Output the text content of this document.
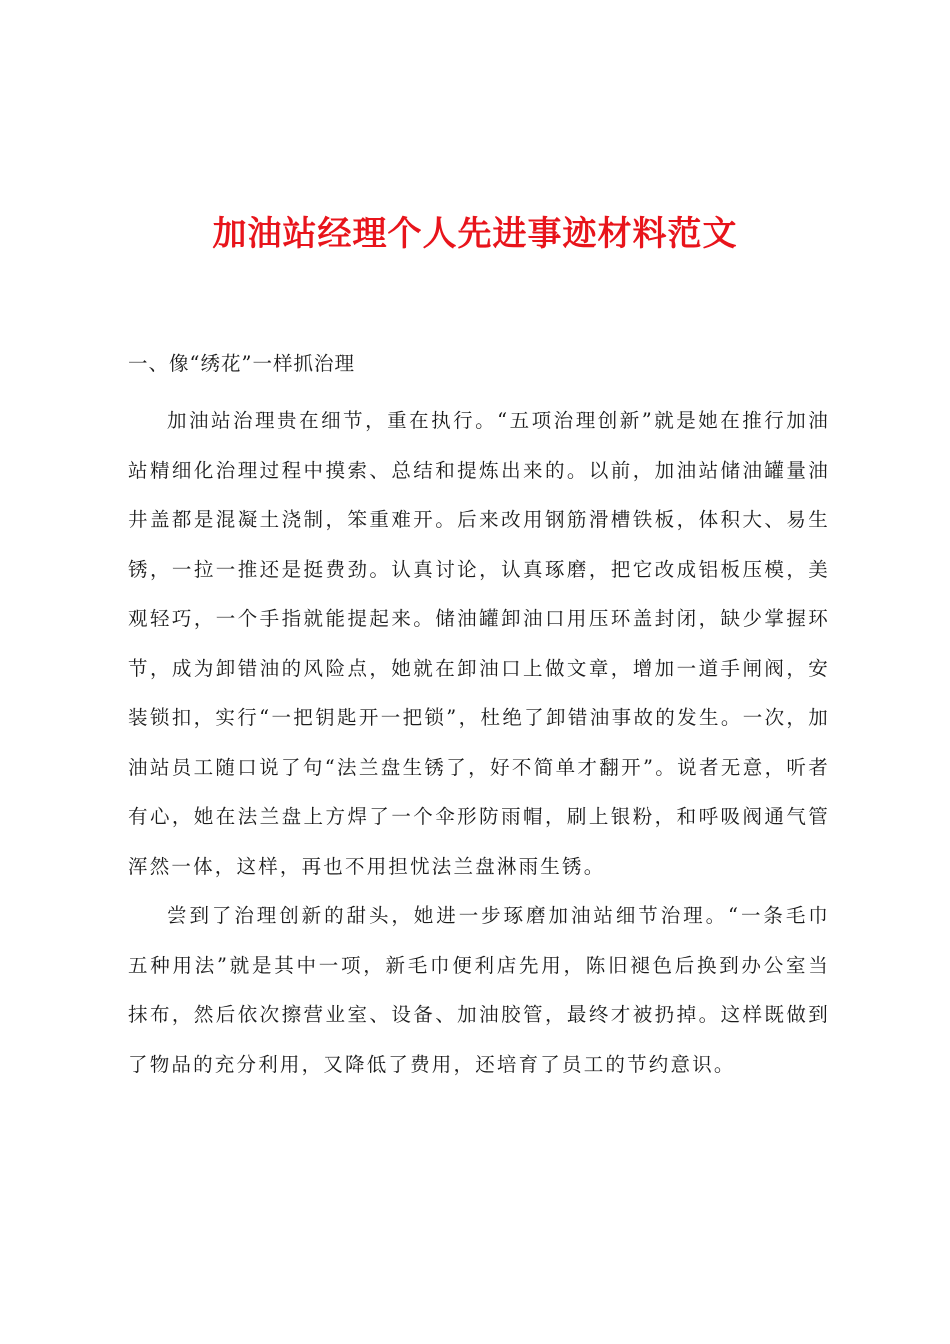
加油站经理个人先进事迹材料范文

一、像“绣花”一样抓治理

加油站治理贵在细节，重在执行。“五项治理创新”就是她在推行加油站精细化治理过程中摸索、总结和提炼出来的。以前，加油站储油罐量油井盖都是混凝土浇制，笨重难开。后来改用钢筋滑槽铁板，体积大、易生锈，一拉一推还是挺费劲。认真讨论，认真琢磨，把它改成铝板压模，美观轻巧，一个手指就能提起来。储油罐卸油口用压环盖封闭，缺少掌握环节，成为卸错油的风险点，她就在卸油口上做文章，增加一道手闸阀，安装锁扣，实行“一把钥匙开一把锁”，杜绝了卸错油事故的发生。一次，加油站员工随口说了句“法兰盘生锈了，好不简单才翻开”。说者无意，听者有心，她在法兰盘上方焊了一个伞形防雨帽，刷上银粉，和呼吸阀通气管浑然一体，这样，再也不用担忧法兰盘淋雨生锈。

尝到了治理创新的甜头，她进一步琢磨加油站细节治理。“一条毛巾五种用法”就是其中一项，新毛巾便利店先用，陈旧褪色后换到办公室当抹布，然后依次擦营业室、设备、加油胶管，最终才被扔掉。这样既做到了物品的充分利用，又降低了费用，还培育了员工的节约意识。
